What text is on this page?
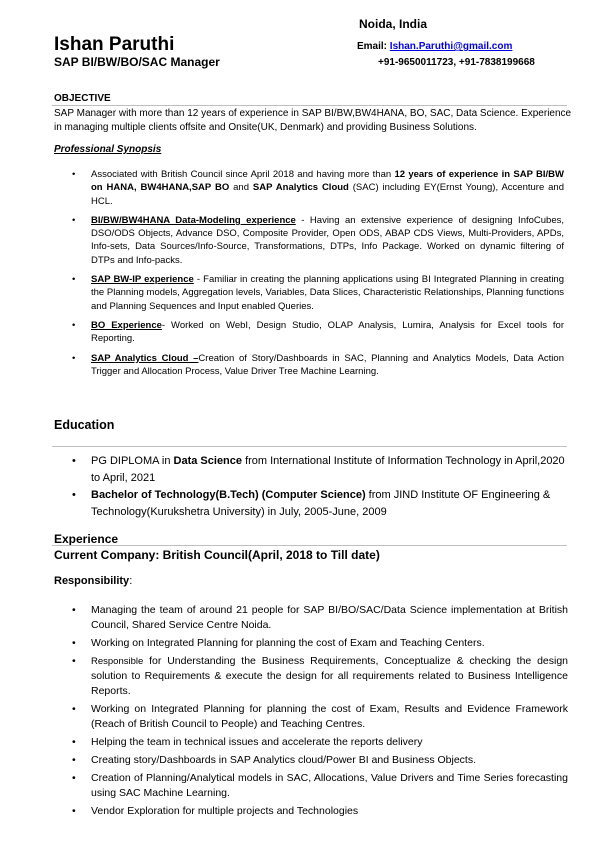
Noida, India
Ishan Paruthi
SAP BI/BW/BO/SAC Manager
Email: Ishan.Paruthi@gmail.com
+91-9650011723, +91-7838199668
OBJECTIVE
SAP Manager with more than 12 years of experience in SAP BI/BW,BW4HANA, BO, SAC, Data Science. Experience in managing multiple clients offsite and Onsite(UK, Denmark) and providing Business Solutions.
Professional Synopsis
• Associated with British Council since April 2018 and having more than 12 years of experience in SAP BI/BW on HANA, BW4HANA,SAP BO and SAP Analytics Cloud (SAC) including EY(Ernst Young), Accenture and HCL.
• BI/BW/BW4HANA Data-Modeling experience - Having an extensive experience of designing InfoCubes, DSO/ODS Objects, Advance DSO, Composite Provider, Open ODS, ABAP CDS Views, Multi-Providers, APDs, Info-sets, Data Sources/Info-Source, Transformations, DTPs, Info Package. Worked on dynamic filtering of DTPs and Info-packs.
• SAP BW-IP experience - Familiar in creating the planning applications using BI Integrated Planning in creating the Planning models, Aggregation levels, Variables, Data Slices, Characteristic Relationships, Planning functions and Planning Sequences and Input enabled Queries.
• BO Experience- Worked on WebI, Design Studio, OLAP Analysis, Lumira, Analysis for Excel tools for Reporting.
• SAP Analytics Cloud –Creation of Story/Dashboards in SAC, Planning and Analytics Models, Data Action Trigger and Allocation Process, Value Driver Tree Machine Learning.
Education
• PG DIPLOMA in Data Science from International Institute of Information Technology in April,2020 to April, 2021
• Bachelor of Technology(B.Tech) (Computer Science) from JIND Institute OF Engineering & Technology(Kurukshetra University) in July, 2005-June, 2009
Experience
Current Company: British Council(April, 2018 to Till date)
Responsibility:
• Managing the team of around 21 people for SAP BI/BO/SAC/Data Science implementation at British Council, Shared Service Centre Noida.
• Working on Integrated Planning for planning the cost of Exam and Teaching Centers.
• Responsible for Understanding the Business Requirements, Conceptualize & checking the design solution to Requirements & execute the design for all requirements related to Business Intelligence Reports.
• Working on Integrated Planning for planning the cost of Exam, Results and Evidence Framework (Reach of British Council to People) and Teaching Centres.
• Helping the team in technical issues and accelerate the reports delivery
• Creating story/Dashboards in SAP Analytics cloud/Power BI and Business Objects.
• Creation of Planning/Analytical models in SAC, Allocations, Value Drivers and Time Series forecasting using SAC Machine Learning.
• Vendor Exploration for multiple projects and Technologies
